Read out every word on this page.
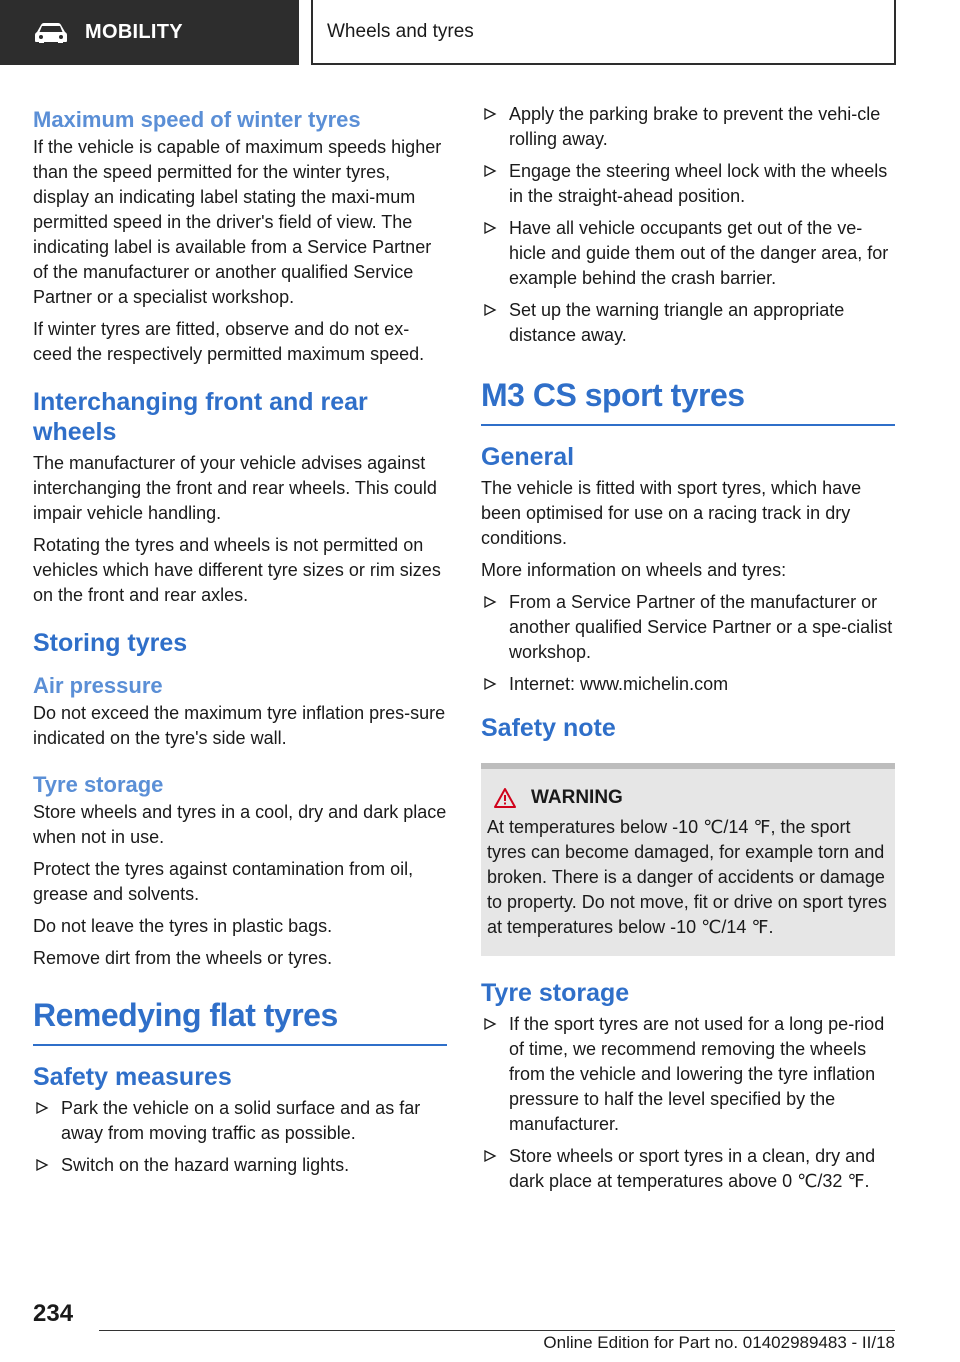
MOBILITY	Wheels and tyres
Maximum speed of winter tyres

If the vehicle is capable of maximum speeds higher than the speed permitted for the winter tyres, display an indicating label stating the maxi-mum permitted speed in the driver's field of view. The indicating label is available from a Service Partner of the manufacturer or another qualified Service Partner or a specialist workshop.

If winter tyres are fitted, observe and do not ex-ceed the respectively permitted maximum speed.

Interchanging front and rear wheels

The manufacturer of your vehicle advises against interchanging the front and rear wheels. This could impair vehicle handling.

Rotating the tyres and wheels is not permitted on vehicles which have different tyre sizes or rim sizes on the front and rear axles.

Storing tyres
Air pressure

Do not exceed the maximum tyre inflation pres-sure indicated on the tyre's side wall.

Tyre storage

Store wheels and tyres in a cool, dry and dark place when not in use.

Protect the tyres against contamination from oil, grease and solvents.

Do not leave the tyres in plastic bags.

Remove dirt from the wheels or tyres.

Remedying flat tyres
Safety measures
Park the vehicle on a solid surface and as far away from moving traffic as possible.
Switch on the hazard warning lights.
Apply the parking brake to prevent the vehi-cle rolling away.
Engage the steering wheel lock with the wheels in the straight-ahead position.
Have all vehicle occupants get out of the ve-hicle and guide them out of the danger area, for example behind the crash barrier.
Set up the warning triangle an appropriate distance away.
M3 CS sport tyres
General

The vehicle is fitted with sport tyres, which have been optimised for use on a racing track in dry conditions.

More information on wheels and tyres:

From a Service Partner of the manufacturer or another qualified Service Partner or a spe-cialist workshop.
Internet: www.michelin.com
Safety note
WARNING

At temperatures below -10 ℃/14 ℉, the sport tyres can become damaged, for example torn and broken. There is a danger of accidents or damage to property. Do not move, fit or drive on sport tyres at temperatures below -10 ℃/14 ℉.

Tyre storage
If the sport tyres are not used for a long pe-riod of time, we recommend removing the wheels from the vehicle and lowering the tyre inflation pressure to half the level specified by the manufacturer.
Store wheels or sport tyres in a clean, dry and dark place at temperatures above 0 ℃/32 ℉.
234
Online Edition for Part no. 01402989483 - II/18
